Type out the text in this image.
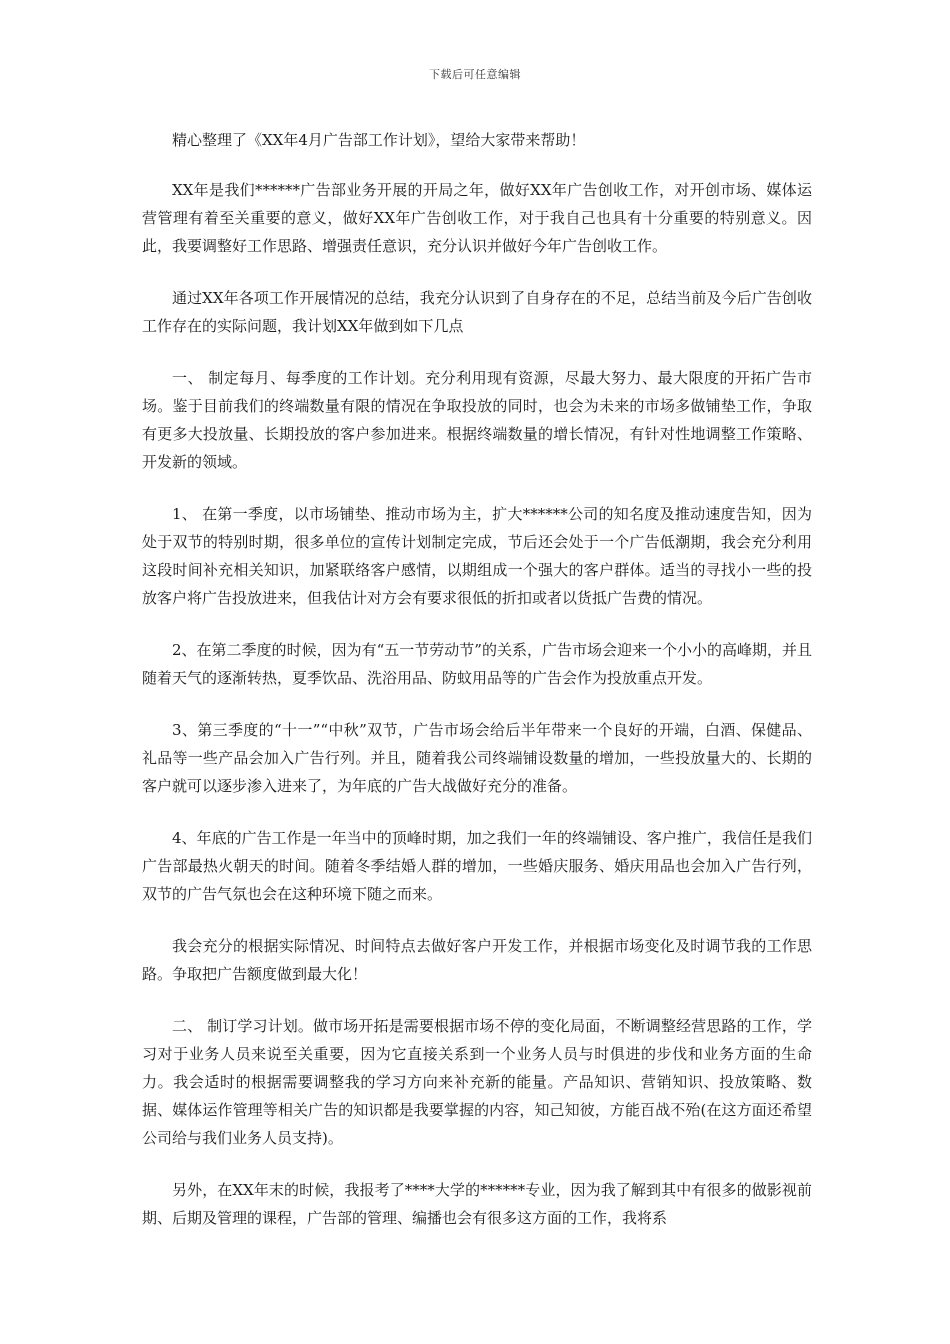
下载后可任意编辑

精心整理了《XX年4月广告部工作计划》，望给大家带来帮助！

XX年是我们******广告部业务开展的开局之年，做好XX年广告创收工作，对开创市场、媒体运营管理有着至关重要的意义，做好XX年广告创收工作，对于我自己也具有十分重要的特别意义。因此，我要调整好工作思路、增强责任意识，充分认识并做好今年广告创收工作。

通过XX年各项工作开展情况的总结，我充分认识到了自身存在的不足，总结当前及今后广告创收工作存在的实际问题，我计划XX年做到如下几点

一、 制定每月、每季度的工作计划。充分利用现有资源，尽最大努力、最大限度的开拓广告市场。鉴于目前我们的终端数量有限的情况在争取投放的同时，也会为未来的市场多做铺垫工作，争取有更多大投放量、长期投放的客户参加进来。根据终端数量的增长情况，有针对性地调整工作策略、开发新的领域。

1、 在第一季度，以市场铺垫、推动市场为主，扩大******公司的知名度及推动速度告知，因为处于双节的特别时期，很多单位的宣传计划制定完成，节后还会处于一个广告低潮期，我会充分利用这段时间补充相关知识，加紧联络客户感情，以期组成一个强大的客户群体。适当的寻找小一些的投放客户将广告投放进来，但我估计对方会有要求很低的折扣或者以货抵广告费的情况。

2、在第二季度的时候，因为有“五一节劳动节”的关系，广告市场会迎来一个小小的高峰期，并且随着天气的逐渐转热，夏季饮品、洗浴用品、防蚊用品等的广告会作为投放重点开发。

3、第三季度的“十一”“中秋”双节，广告市场会给后半年带来一个良好的开端，白酒、保健品、礼品等一些产品会加入广告行列。并且，随着我公司终端铺设数量的增加，一些投放量大的、长期的客户就可以逐步渗入进来了，为年底的广告大战做好充分的准备。

4、年底的广告工作是一年当中的顶峰时期，加之我们一年的终端铺设、客户推广，我信任是我们广告部最热火朝天的时间。随着冬季结婚人群的增加，一些婚庆服务、婚庆用品也会加入广告行列，双节的广告气氛也会在这种环境下随之而来。

我会充分的根据实际情况、时间特点去做好客户开发工作，并根据市场变化及时调节我的工作思路。争取把广告额度做到最大化！

二、 制订学习计划。做市场开拓是需要根据市场不停的变化局面，不断调整经营思路的工作，学习对于业务人员来说至关重要，因为它直接关系到一个业务人员与时俱进的步伐和业务方面的生命力。我会适时的根据需要调整我的学习方向来补充新的能量。产品知识、营销知识、投放策略、数据、媒体运作管理等相关广告的知识都是我要掌握的内容，知己知彼，方能百战不殆(在这方面还希望公司给与我们业务人员支持)。

另外，在XX年末的时候，我报考了****大学的******专业，因为我了解到其中有很多的做影视前期、后期及管理的课程，广告部的管理、编播也会有很多这方面的工作，我将系
